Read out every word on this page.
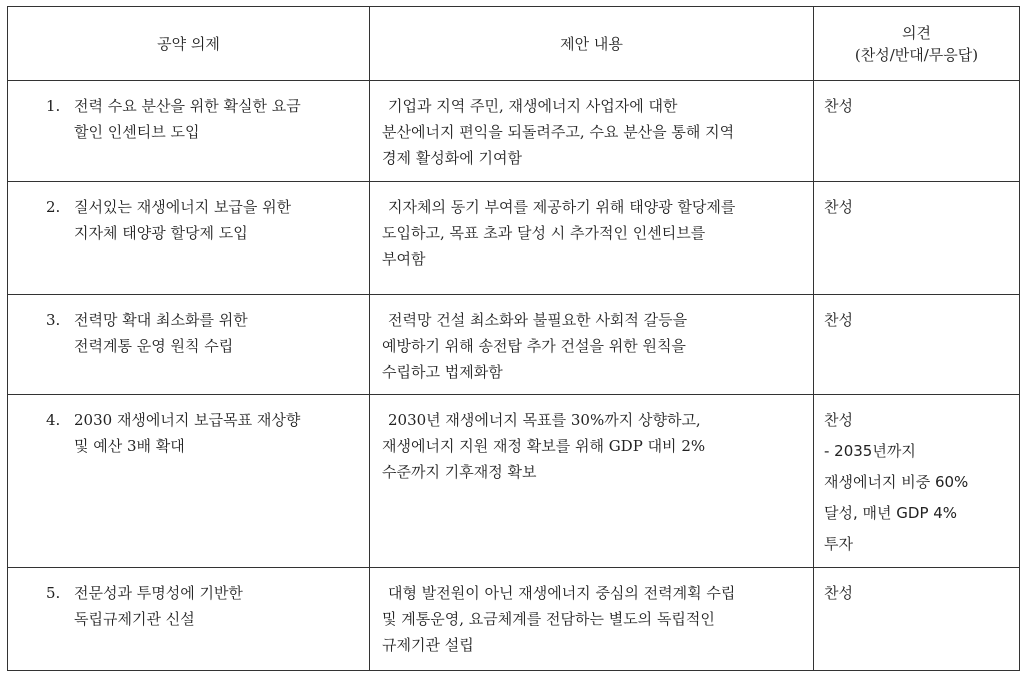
공약 의제	제안 내용	의견
(찬성/반대/무응답)

1. 전력 수요 분산을 위한 확실한 요금
할인 인센티브 도입	기업과 지역 주민, 재생에너지 사업자에 대한
분산에너지 편익을 되돌려주고, 수요 분산을 통해 지역
경제 활성화에 기여함	찬성

2. 질서있는 재생에너지 보급을 위한
지자체 태양광 할당제 도입	지자체의 동기 부여를 제공하기 위해 태양광 할당제를
도입하고, 목표 초과 달성 시 추가적인 인센티브를
부여함	찬성

3. 전력망 확대 최소화를 위한
전력계통 운영 원칙 수립	전력망 건설 최소화와 불필요한 사회적 갈등을
예방하기 위해 송전탑 추가 건설을 위한 원칙을
수립하고 법제화함	찬성

4. 2030 재생에너지 보급목표 재상향
및 예산 3배 확대	2030년 재생에너지 목표를 30%까지 상향하고,
재생에너지 지원 재정 확보를 위해 GDP 대비 2%
수준까지 기후재정 확보	찬성
- 2035년까지
재생에너지 비중 60%
달성, 매년 GDP 4%
투자

5. 전문성과 투명성에 기반한
독립규제기관 신설	대형 발전원이 아닌 재생에너지 중심의 전력계획 수립
및 계통운영, 요금체계를 전담하는 별도의 독립적인
규제기관 설립	찬성
